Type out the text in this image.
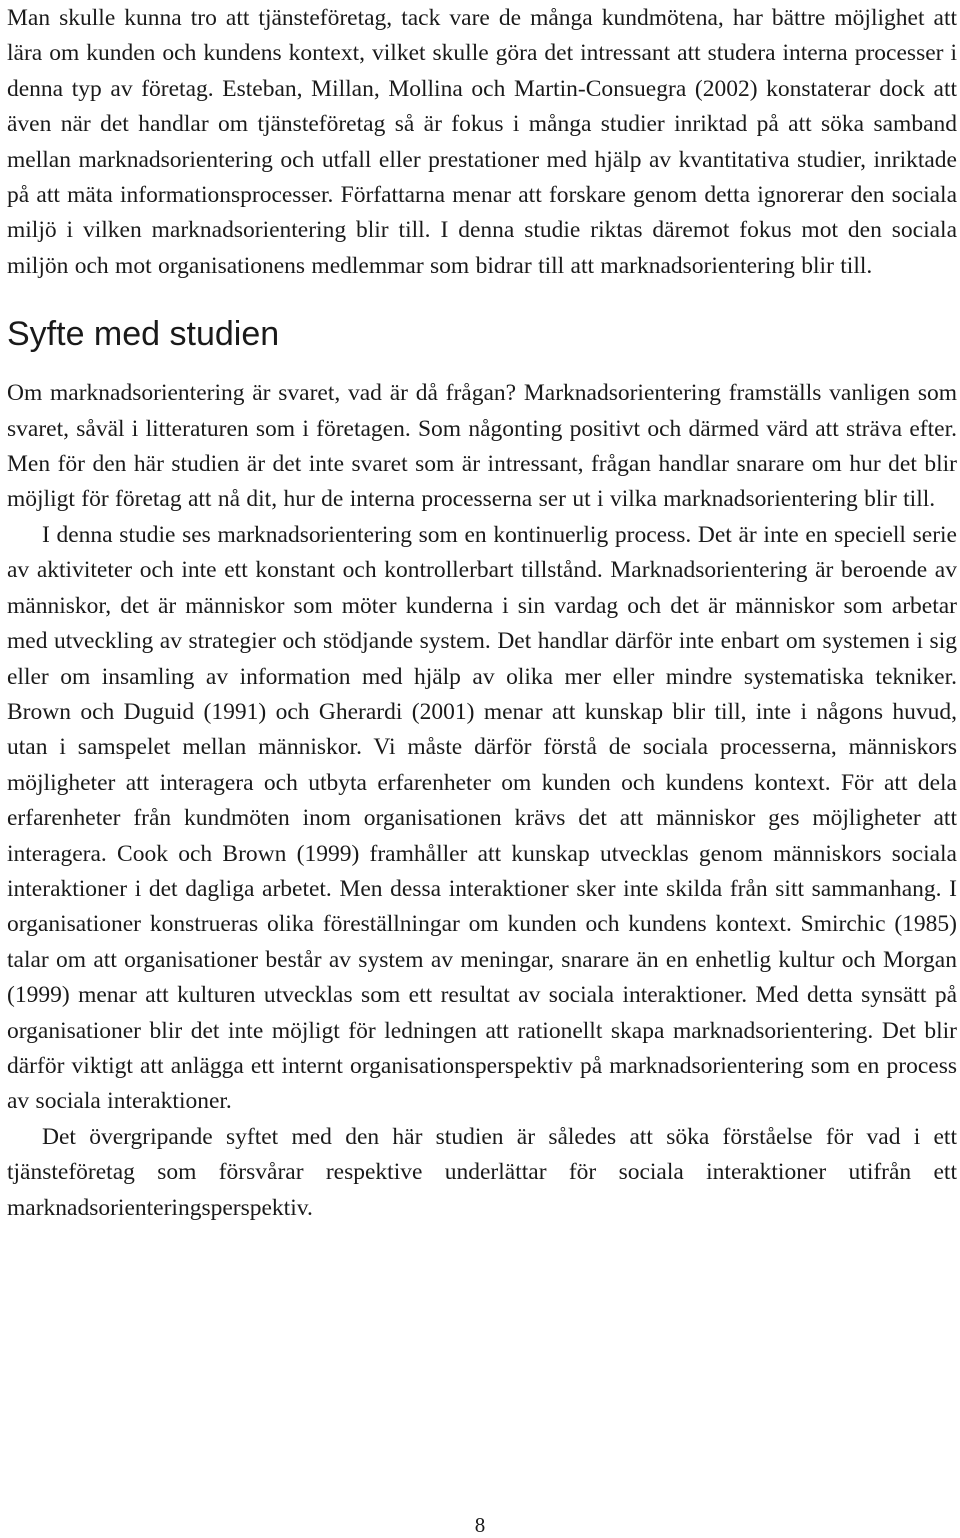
Man skulle kunna tro att tjänsteföretag, tack vare de många kundmötena, har bättre möjlighet att lära om kunden och kundens kontext, vilket skulle göra det intressant att studera interna processer i denna typ av företag. Esteban, Millan, Mollina och Martin-Consuegra (2002) konstaterar dock att även när det handlar om tjänsteföretag så är fokus i många studier inriktad på att söka samband mellan marknadsorientering och utfall eller prestationer med hjälp av kvantitativa studier, inriktade på att mäta informationsprocesser. Författarna menar att forskare genom detta ignorerar den sociala miljö i vilken marknadsorientering blir till. I denna studie riktas däremot fokus mot den sociala miljön och mot organisationens medlemmar som bidrar till att marknadsorientering blir till.

Syfte med studien

Om marknadsorientering är svaret, vad är då frågan? Marknadsorientering framställs vanligen som svaret, såväl i litteraturen som i företagen. Som någonting positivt och därmed värd att sträva efter. Men för den här studien är det inte svaret som är intressant, frågan handlar snarare om hur det blir möjligt för företag att nå dit, hur de interna processerna ser ut i vilka marknadsorientering blir till.

I denna studie ses marknadsorientering som en kontinuerlig process. Det är inte en speciell serie av aktiviteter och inte ett konstant och kontrollerbart tillstånd. Marknadsorientering är beroende av människor, det är människor som möter kunderna i sin vardag och det är människor som arbetar med utveckling av strategier och stödjande system. Det handlar därför inte enbart om systemen i sig eller om insamling av information med hjälp av olika mer eller mindre systematiska tekniker. Brown och Duguid (1991) och Gherardi (2001) menar att kunskap blir till, inte i någons huvud, utan i samspelet mellan människor. Vi måste därför förstå de sociala processerna, människors möjligheter att interagera och utbyta erfarenheter om kunden och kundens kontext. För att dela erfarenheter från kundmöten inom organisationen krävs det att människor ges möjligheter att interagera. Cook och Brown (1999) framhåller att kunskap utvecklas genom människors sociala interaktioner i det dagliga arbetet. Men dessa interaktioner sker inte skilda från sitt sammanhang. I organisationer konstrueras olika föreställningar om kunden och kundens kontext. Smirchic (1985) talar om att organisationer består av system av meningar, snarare än en enhetlig kultur och Morgan (1999) menar att kulturen utvecklas som ett resultat av sociala interaktioner. Med detta synsätt på organisationer blir det inte möjligt för ledningen att rationellt skapa marknadsorientering. Det blir därför viktigt att anlägga ett internt organisationsperspektiv på marknadsorientering som en process av sociala interaktioner.

Det övergripande syftet med den här studien är således att söka förståelse för vad i ett tjänsteföretag som försvårar respektive underlättar för sociala interaktioner utifrån ett marknadsorienteringsperspektiv.

8
